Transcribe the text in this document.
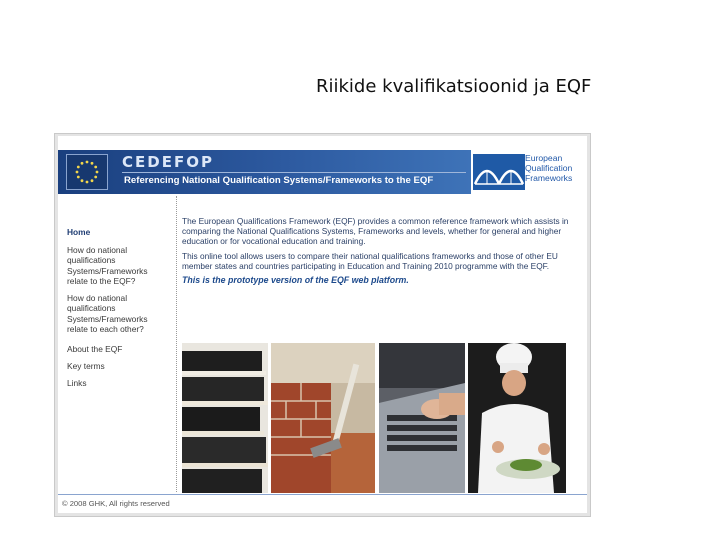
Riikide kvalifikatsioonid ja EQF
CEDEFOP
Referencing National Qualification Systems/Frameworks to the EQF
European
Qualification
Frameworks
Home
How do national qualifications Systems/Frameworks relate to the EQF?
How do national qualifications Systems/Frameworks relate to each other?
About the EQF
Key terms
Links

The European Qualifications Framework (EQF) provides a common reference framework which assists in comparing the National Qualifications Systems, Frameworks and levels, whether for general and higher education or for vocational education and training.

This online tool allows users to compare their national qualifications frameworks and those of other EU member states and countries participating in Education and Training 2010 programme with the EQF.

This is the prototype version of the EQF web platform.

© 2008 GHK, All rights reserved
